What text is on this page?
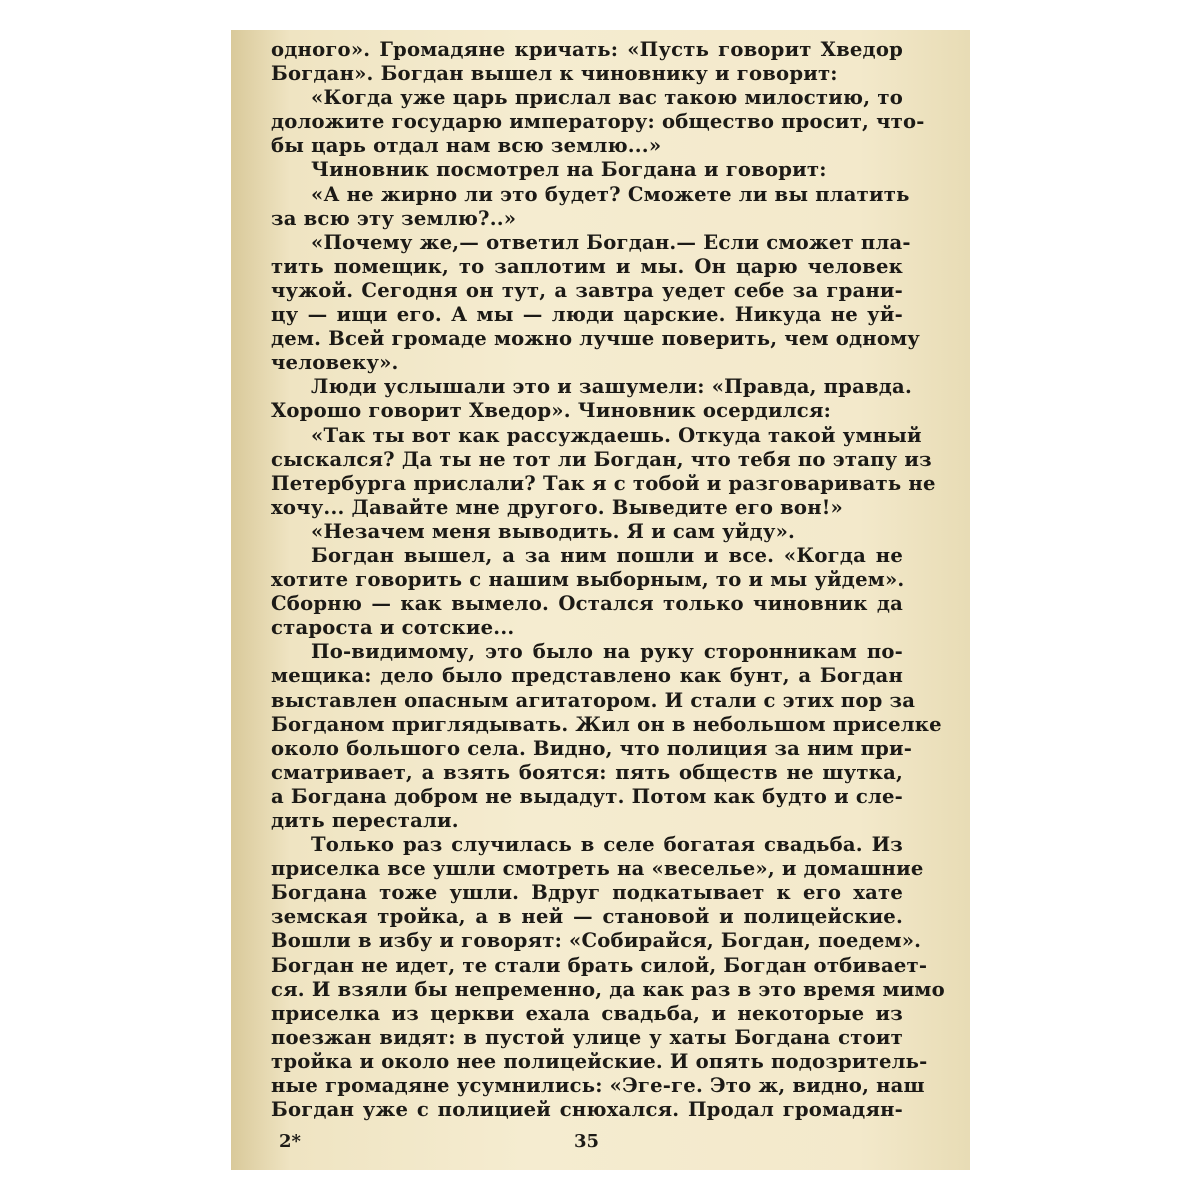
одного». Громадяне кричать: «Пусть говорит Хведор
Богдан». Богдан вышел к чиновнику и говорит:
«Когда уже царь прислал вас такою милостию, то
доложите государю императору: общество просит, что-
бы царь отдал нам всю землю...»
Чиновник посмотрел на Богдана и говорит:
«А не жирно ли это будет? Сможете ли вы платить
за всю эту землю?..»
«Почему же,— ответил Богдан.— Если сможет пла-
тить помещик, то заплотим и мы. Он царю человек
чужой. Сегодня он тут, а завтра уедет себе за грани-
цу — ищи его. А мы — люди царские. Никуда не уй-
дем. Всей громаде можно лучше поверить, чем одному
человеку».
Люди услышали это и зашумели: «Правда, правда.
Хорошо говорит Хведор». Чиновник осердился:
«Так ты вот как рассуждаешь. Откуда такой умный
сыскался? Да ты не тот ли Богдан, что тебя по этапу из
Петербурга прислали? Так я с тобой и разговаривать не
хочу... Давайте мне другого. Выведите его вон!»
«Незачем меня выводить. Я и сам уйду».
Богдан вышел, а за ним пошли и все. «Когда не
хотите говорить с нашим выборным, то и мы уйдем».
Сборню — как вымело. Остался только чиновник да
староста и сотские...
По-видимому, это было на руку сторонникам по-
мещика: дело было представлено как бунт, а Богдан
выставлен опасным агитатором. И стали с этих пор за
Богданом приглядывать. Жил он в небольшом приселке
около большого села. Видно, что полиция за ним при-
сматривает, а взять боятся: пять обществ не шутка,
а Богдана добром не выдадут. Потом как будто и сле-
дить перестали.
Только раз случилась в селе богатая свадьба. Из
приселка все ушли смотреть на «веселье», и домашние
Богдана тоже ушли. Вдруг подкатывает к его хате
земская тройка, а в ней — становой и полицейские.
Вошли в избу и говорят: «Собирайся, Богдан, поедем».
Богдан не идет, те стали брать силой, Богдан отбивает-
ся. И взяли бы непременно, да как раз в это время мимо
приселка из церкви ехала свадьба, и некоторые из
поезжан видят: в пустой улице у хаты Богдана стоит
тройка и около нее полицейские. И опять подозритель-
ные громадяне усумнились: «Эге-ге. Это ж, видно, наш
Богдан уже с полицией снюхался. Продал громадян-
2*	35
